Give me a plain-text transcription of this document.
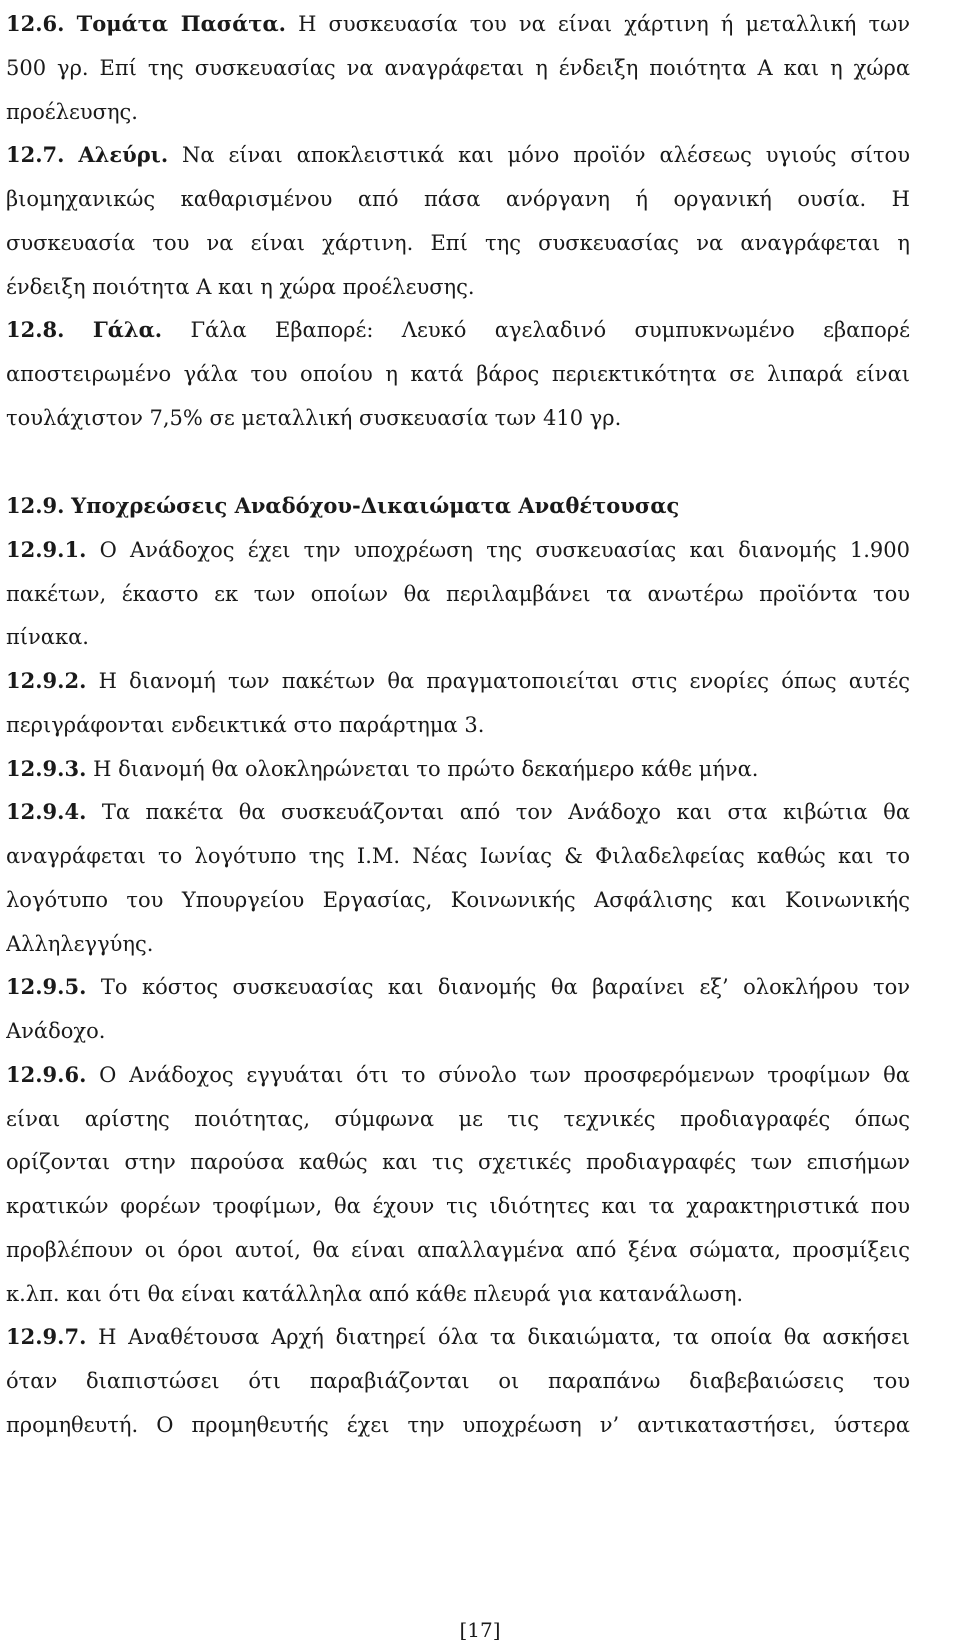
12.6. Τομάτα Πασάτα. Η συσκευασία του να είναι χάρτινη ή μεταλλική των
500 γρ. Επί της συσκευασίας να αναγράφεται η ένδειξη ποιότητα Α και η χώρα
προέλευσης.
12.7. Αλεύρι. Να είναι αποκλειστικά και μόνο προϊόν αλέσεως υγιούς σίτου
βιομηχανικώς καθαρισμένου από πάσα ανόργανη ή οργανική ουσία. Η
συσκευασία του να είναι χάρτινη. Επί της συσκευασίας να αναγράφεται η
ένδειξη ποιότητα Α και η χώρα προέλευσης.
12.8. Γάλα. Γάλα Εβαπορέ: Λευκό αγελαδινό συμπυκνωμένο εβαπορέ
αποστειρωμένο γάλα του οποίου η κατά βάρος περιεκτικότητα σε λιπαρά είναι
τουλάχιστον 7,5% σε μεταλλική συσκευασία των 410 γρ.
12.9. Υποχρεώσεις Αναδόχου-Δικαιώματα Αναθέτουσας
12.9.1. Ο Ανάδοχος έχει την υποχρέωση της συσκευασίας και διανομής 1.900
πακέτων, έκαστο εκ των οποίων θα περιλαμβάνει τα ανωτέρω προϊόντα του
πίνακα.
12.9.2. Η διανομή των πακέτων θα πραγματοποιείται στις ενορίες όπως αυτές
περιγράφονται ενδεικτικά στο παράρτημα 3.
12.9.3. Η διανομή θα ολοκληρώνεται το πρώτο δεκαήμερο κάθε μήνα.
12.9.4. Τα πακέτα θα συσκευάζονται από τον Ανάδοχο και στα κιβώτια θα
αναγράφεται το λογότυπο της Ι.Μ. Νέας Ιωνίας & Φιλαδελφείας καθώς και το
λογότυπο του Υπουργείου Εργασίας, Κοινωνικής Ασφάλισης και Κοινωνικής
Αλληλεγγύης.
12.9.5. Το κόστος συσκευασίας και διανομής θα βαραίνει εξ’ ολοκλήρου τον
Ανάδοχο.
12.9.6. Ο Ανάδοχος εγγυάται ότι το σύνολο των προσφερόμενων τροφίμων θα
είναι αρίστης ποιότητας, σύμφωνα με τις τεχνικές προδιαγραφές όπως
ορίζονται στην παρούσα καθώς και τις σχετικές προδιαγραφές των επισήμων
κρατικών φορέων τροφίμων, θα έχουν τις ιδιότητες και τα χαρακτηριστικά που
προβλέπουν οι όροι αυτοί, θα είναι απαλλαγμένα από ξένα σώματα, προσμίξεις
κ.λπ. και ότι θα είναι κατάλληλα από κάθε πλευρά για κατανάλωση.
12.9.7. Η Αναθέτουσα Αρχή διατηρεί όλα τα δικαιώματα, τα οποία θα ασκήσει
όταν διαπιστώσει ότι παραβιάζονται οι παραπάνω διαβεβαιώσεις του
προμηθευτή. Ο προμηθευτής έχει την υποχρέωση ν’ αντικαταστήσει, ύστερα
[17]
